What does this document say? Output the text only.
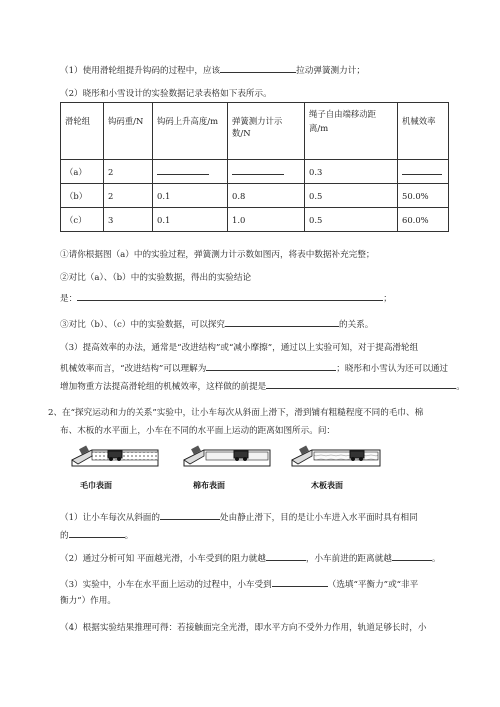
（1）使用滑轮组提升钩码的过程中，应该	拉动弹簧测力计；
（2）晓彤和小雪设计的实验数据记录表格如下表所示。
滑轮组	钩码重/N	钩码上升高度/m	弹簧测力计示数/N	绳子自由端移动距离/m	机械效率
（a）	2			0.3	
（b）	2	0.1	0.8	0.5	50.0%
（c）	3	0.1	1.0	0.5	60.0%
①请你根据图（a）中的实验过程，弹簧测力计示数如图丙，将表中数据补充完整；
②对比（a）、（b）中的实验数据，得出的实验结论
是：	；
③对比（b）、（c）中的实验数据，可以探究	的关系。
（3）提高效率的办法，通常是“改进结构”或“减小摩擦”，通过以上实验可知，对于提高滑轮组
机械效率而言，“改进结构”可以理解为	；晓彤和小雪认为还可以通过
增加物重方法提高滑轮组的机械效率，这样做的前提是	。
2、在“探究运动和力的关系”实验中，让小车每次从斜面上滑下，滑到铺有粗糙程度不同的毛巾、棉
布、木板的水平面上，小车在不同的水平面上运动的距离如图所示。问：
毛巾表面	棉布表面	木板表面
（1）让小车每次从斜面的	处由静止滑下，目的是让小车进入水平面时具有相同
的	。
（2）通过分析可知 平面越光滑，小车受到的阻力就越	，小车前进的距离就越	。
（3）实验中，小车在水平面上运动的过程中，小车受到	（选填“平衡力”或“非平
衡力”）作用。
（4）根据实验结果推理可得：若接触面完全光滑，即水平方向不受外力作用，轨道足够长时，小
